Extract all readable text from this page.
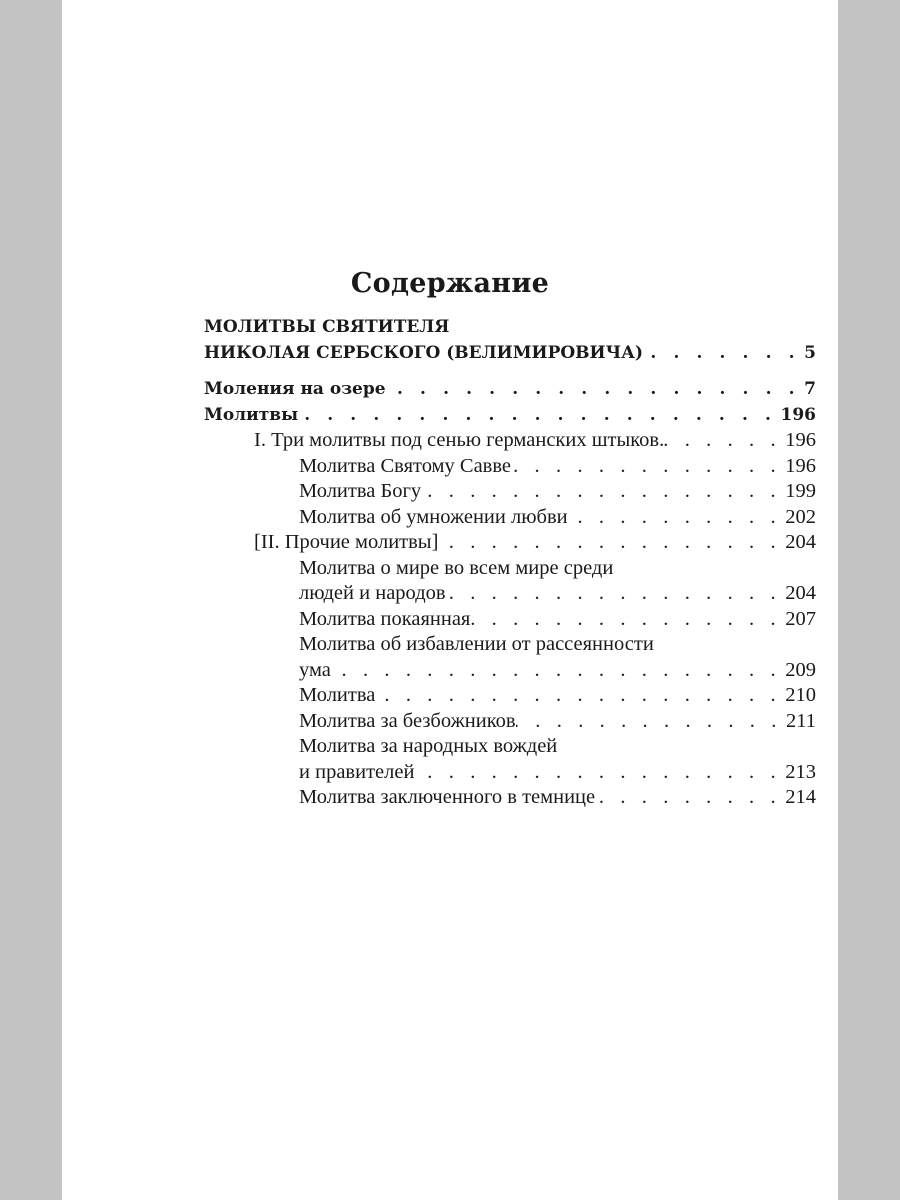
Содержание
МОЛИТВЫ СВЯТИТЕЛЯ
НИКОЛАЯ СЕРБСКОГО (ВЕЛИМИРОВИЧА) . . .	5
Моления на озере . . .	7
Молитвы . . .	196
I. Три молитвы под сенью германских штыков. . . .	196
Молитва Святому Савве . . .	196
Молитва Богу . . .	199
Молитва об умножении любви . . .	202
[II. Прочие молитвы] . . .	204
Молитва о мире во всем мире среди
людей и народов . . .	204
Молитва покаянная . . .	207
Молитва об избавлении от рассеянности
ума . . .	209
Молитва . . .	210
Молитва за безбожников . . .	211
Молитва за народных вождей
и правителей . . .	213
Молитва заключенного в темнице . . .	214
